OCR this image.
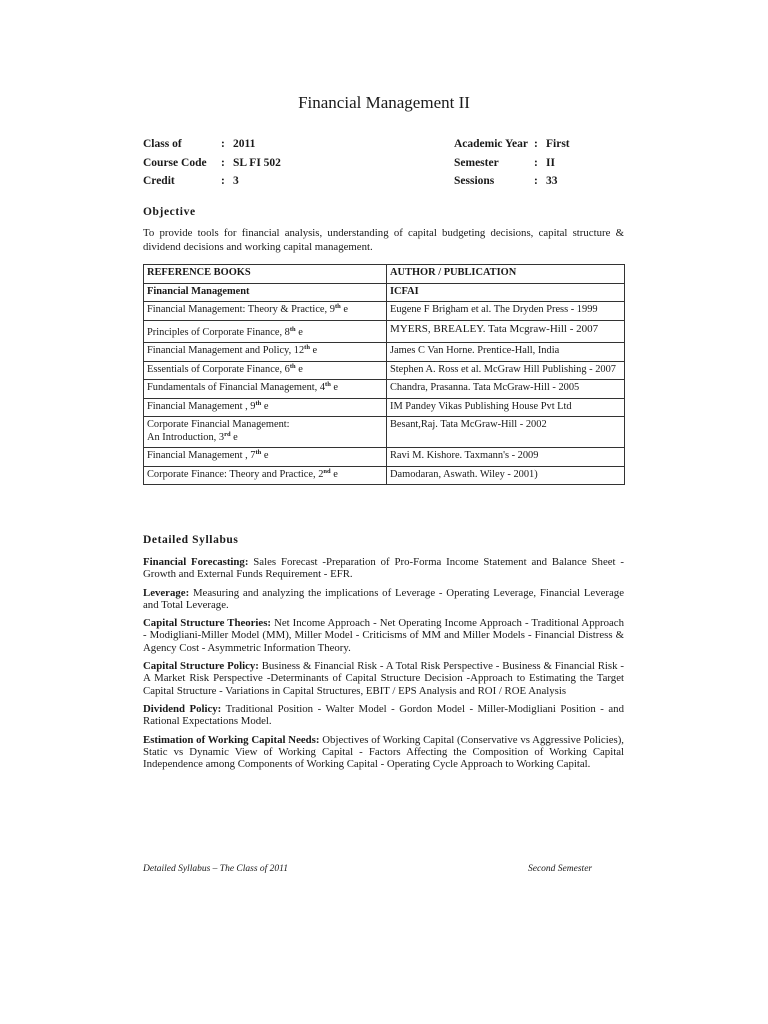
Financial Management II
Class of	: 2011
Course Code	: SL FI 502
Credit	: 3
Academic Year : First
Semester	: II
Sessions	: 33
Objective
To provide tools for financial analysis, understanding of capital budgeting decisions, capital structure & dividend decisions and working capital management.
REFERENCE BOOKS	AUTHOR / PUBLICATION
Financial Management	ICFAI
Financial Management: Theory & Practice, 9th e	Eugene F Brigham et al. The Dryden Press - 1999
Principles of Corporate Finance, 8th e	MYERS, BREALEY. Tata Mcgraw-Hill - 2007
Financial Management and Policy, 12th e	James C Van Horne. Prentice-Hall, India
Essentials of Corporate Finance, 6th e	Stephen A. Ross et al. McGraw Hill Publishing - 2007
Fundamentals of Financial Management, 4th e	Chandra, Prasanna. Tata McGraw-Hill - 2005
Financial Management , 9th e	IM Pandey Vikas Publishing House Pvt Ltd
Corporate Financial Management:
An Introduction, 3rd e	Besant,Raj. Tata McGraw-Hill - 2002
Financial Management , 7th e	Ravi M. Kishore. Taxmann's - 2009
Corporate Finance: Theory and Practice, 2nd e	Damodaran, Aswath. Wiley - 2001)
Detailed Syllabus

Financial Forecasting: Sales Forecast -Preparation of Pro-Forma Income Statement and Balance Sheet - Growth and External Funds Requirement - EFR.

Leverage: Measuring and analyzing the implications of Leverage - Operating Leverage, Financial Leverage and Total Leverage.

Capital Structure Theories: Net Income Approach - Net Operating Income Approach - Traditional Approach - Modigliani-Miller Model (MM), Miller Model - Criticisms of MM and Miller Models - Financial Distress & Agency Cost - Asymmetric Information Theory.

Capital Structure Policy: Business & Financial Risk - A Total Risk Perspective - Business & Financial Risk - A Market Risk Perspective -Determinants of Capital Structure Decision -Approach to Estimating the Target Capital Structure - Variations in Capital Structures, EBIT / EPS Analysis and ROI / ROE Analysis

Dividend Policy: Traditional Position - Walter Model - Gordon Model - Miller-Modigliani Position - and Rational Expectations Model.

Estimation of Working Capital Needs: Objectives of Working Capital (Conservative vs Aggressive Policies), Static vs Dynamic View of Working Capital - Factors Affecting the Composition of Working Capital Independence among Components of Working Capital - Operating Cycle Approach to Working Capital.

Detailed Syllabus – The Class of 2011	Second Semester
